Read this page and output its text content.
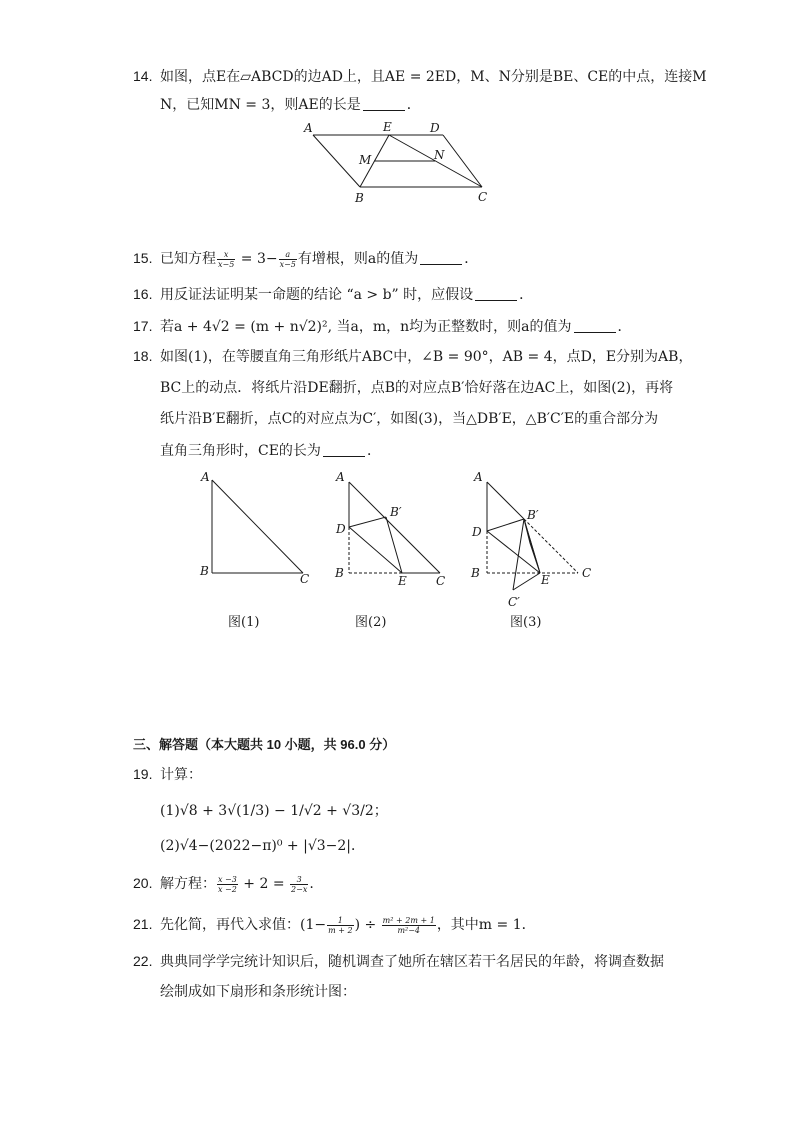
14. 如图，点E在▱ABCD的边AD上，且AE = 2ED，M、N分别是BE、CE的中点，连接M
N，已知MN = 3，则AE的长是	．
A	E	D
M	N
B	C
15. 已知方程 $\frac{x}{x-5} = 3- \frac{a}{x-5}$ 有增根，则a的值为	．
16. 用反证法证明某一命题的结论 “a > b” 时，应假设	．
17. 若a + 4√2 = (m + n√2)², 当a，m，n均为正整数时，则a的值为	．
18. 如图(1)，在等腰直角三角形纸片ABC中，∠B = 90°，AB = 4，点D，E分别为AB，
BC上的动点．将纸片沿DE翻折，点B的对应点B′恰好落在边AC上，如图(2)，再将
纸片沿B′E翻折，点C的对应点为C′，如图(3)，当△DB′E，△B′C′E的重合部分为
直角三角形时，CE的长为	．
A
B
C
图(1)
A
D
B′
B
E C
图(2)
A
D
B′
B	E	C
C′
图(3)
三、解答题（本大题共 10 小题，共 96.0 分）
19. 计算：
(1)√8 + 3√(1/3) − 1/√2 + √3/2；
(2)√4−(2022−π)⁰ + |√3−2|．
20. 解方程： $\frac{x -3}{x -2} + 2 = \frac{3}{2-x}$ .
21. 先化简，再代入求值：($1- \frac{1}{m + 2}$ ) ÷ $\frac{\text{m² + 2m + 1}}{\text{m²−4}}$ ，其中m = 1．
22. 典典同学学完统计知识后，随机调查了她所在辖区若干名居民的年龄，将调查数据
绘制成如下扇形和条形统计图：
